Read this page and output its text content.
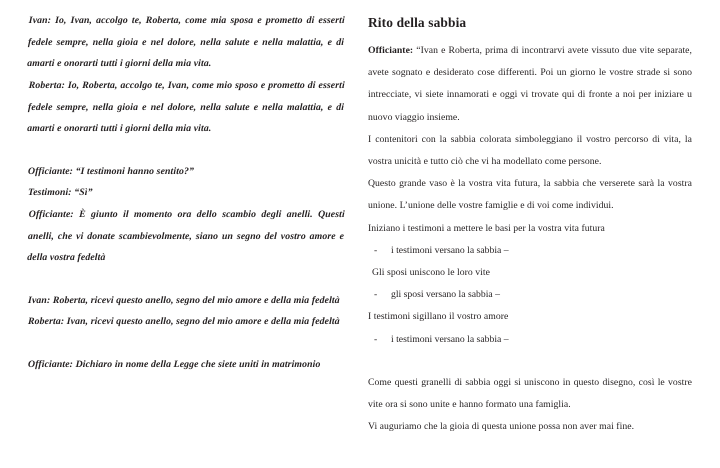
Ivan: Io, Ivan, accolgo te, Roberta, come mia sposa e prometto di esserti fedele sempre, nella gioia e nel dolore, nella salute e nella malattia, e di amarti e onorarti tutti i giorni della mia vita.

Roberta: Io, Roberta, accolgo te, Ivan, come mio sposo e prometto di esserti fedele sempre, nella gioia e nel dolore, nella salute e nella malattia, e di amarti e onorarti tutti i giorni della mia vita.

Officiante: “I testimoni hanno sentito?”

Testimoni: “Sì”

Officiante: È giunto il momento ora dello scambio degli anelli. Questi anelli, che vi donate scambievolmente, siano un segno del vostro amore e della vostra fedeltà

Ivan: Roberta, ricevi questo anello, segno del mio amore e della mia fedeltà

Roberta: Ivan, ricevi questo anello, segno del mio amore e della mia fedeltà

Officiante: Dichiaro in nome della Legge che siete uniti in matrimonio

Rito della sabbia

Officiante: “Ivan e Roberta, prima di incontrarvi avete vissuto due vite separate, avete sognato e desiderato cose differenti. Poi un giorno le vostre strade si sono intrecciate, vi siete innamorati e oggi vi trovate qui di fronte a noi per iniziare u nuovo viaggio insieme.

I contenitori con la sabbia colorata simboleggiano il vostro percorso di vita, la vostra unicità e tutto ciò che vi ha modellato come persone.

Questo grande vaso è la vostra vita futura, la sabbia che verserete sarà la vostra unione. L’unione delle vostre famiglie e di voi come individui.

Iniziano i testimoni a mettere le basi per la vostra vita futura

- i testimoni versano la sabbia –

Gli sposi uniscono le loro vite

- gli sposi versano la sabbia –

I testimoni sigillano il vostro amore

- i testimoni versano la sabbia –

Come questi granelli di sabbia oggi si uniscono in questo disegno, così le vostre vite ora si sono unite e hanno formato una famiglia.

Vi auguriamo che la gioia di questa unione possa non aver mai fine.
